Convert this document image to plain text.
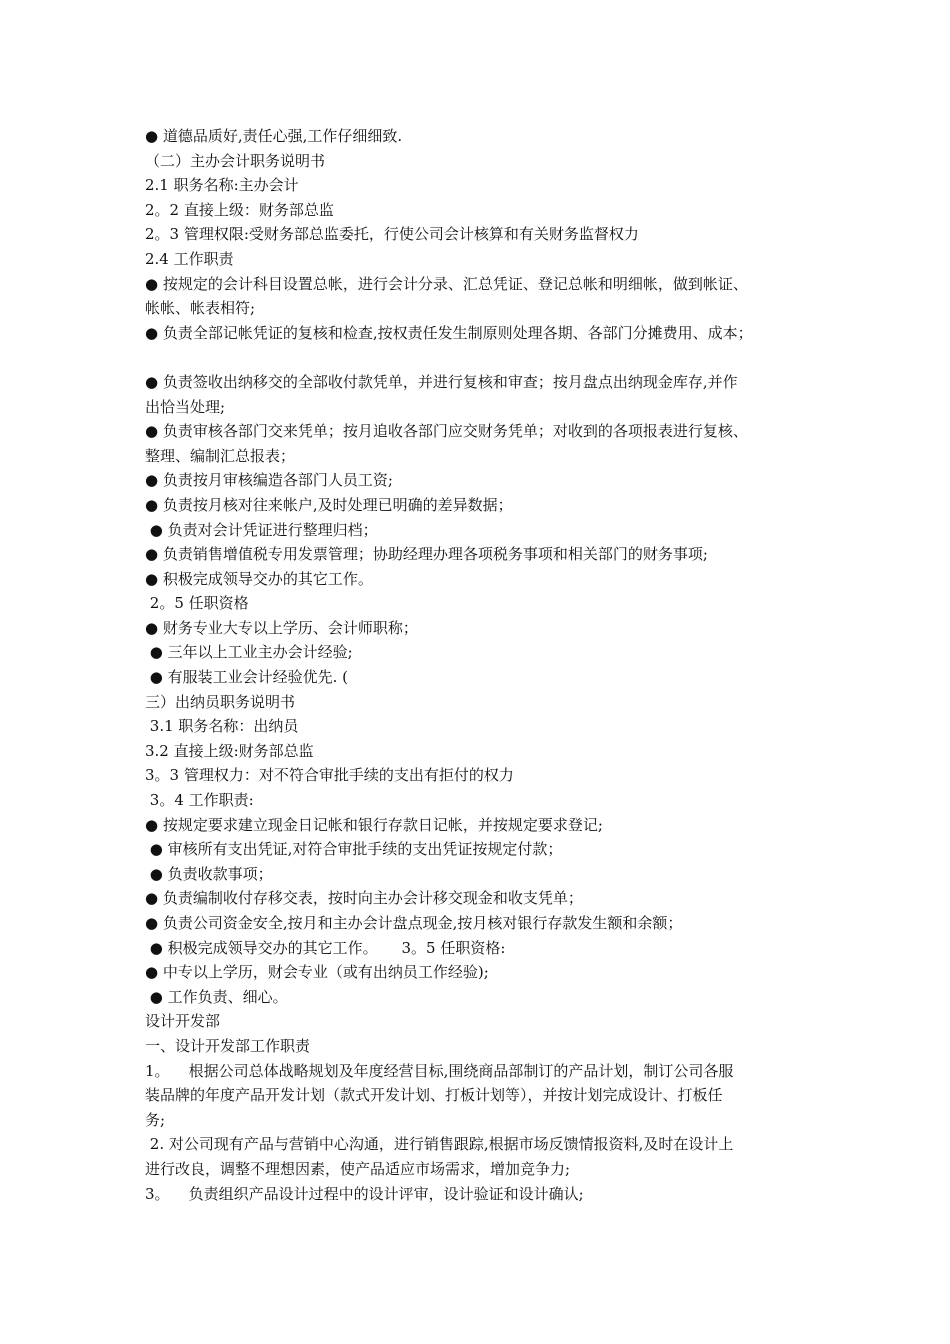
● 道德品质好,责任心强,工作仔细细致.
（二）主办会计职务说明书
2.1 职务名称:主办会计
2。2 直接上级：财务部总监
2。3 管理权限:受财务部总监委托，行使公司会计核算和有关财务监督权力
2.4 工作职责
● 按规定的会计科目设置总帐，进行会计分录、汇总凭证、登记总帐和明细帐，做到帐证、
帐帐、帐表相符;
● 负责全部记帐凭证的复核和检查,按权责任发生制原则处理各期、各部门分摊费用、成本；
● 负责签收出纳移交的全部收付款凭单，并进行复核和审查；按月盘点出纳现金库存,并作
出恰当处理;
● 负责审核各部门交来凭单；按月追收各部门应交财务凭单；对收到的各项报表进行复核、
整理、编制汇总报表；
● 负责按月审核编造各部门人员工资;
● 负责按月核对往来帐户,及时处理已明确的差异数据；
● 负责对会计凭证进行整理归档；
● 负责销售增值税专用发票管理；协助经理办理各项税务事项和相关部门的财务事项;
● 积极完成领导交办的其它工作。
2。5 任职资格
● 财务专业大专以上学历、会计师职称；
● 三年以上工业主办会计经验;
● 有服装工业会计经验优先. (
三）出纳员职务说明书
3.1 职务名称：出纳员
3.2 直接上级:财务部总监
3。3 管理权力：对不符合审批手续的支出有拒付的权力
3。4 工作职责:
● 按规定要求建立现金日记帐和银行存款日记帐，并按规定要求登记;
● 审核所有支出凭证,对符合审批手续的支出凭证按规定付款；
● 负责收款事项；
● 负责编制收付存移交表，按时向主办会计移交现金和收支凭单；
● 负责公司资金安全,按月和主办会计盘点现金,按月核对银行存款发生额和余额；
● 积极完成领导交办的其它工作。     3。5 任职资格:
● 中专以上学历，财会专业（或有出纳员工作经验);
● 工作负责、细心。
设计开发部
一、设计开发部工作职责
1。    根据公司总体战略规划及年度经营目标,围绕商品部制订的产品计划，制订公司各服
装品牌的年度产品开发计划（款式开发计划、打板计划等），并按计划完成设计、打板任
务;
2. 对公司现有产品与营销中心沟通，进行销售跟踪,根据市场反馈情报资料,及时在设计上
进行改良，调整不理想因素，使产品适应市场需求，增加竞争力;
3。    负责组织产品设计过程中的设计评审，设计验证和设计确认;
